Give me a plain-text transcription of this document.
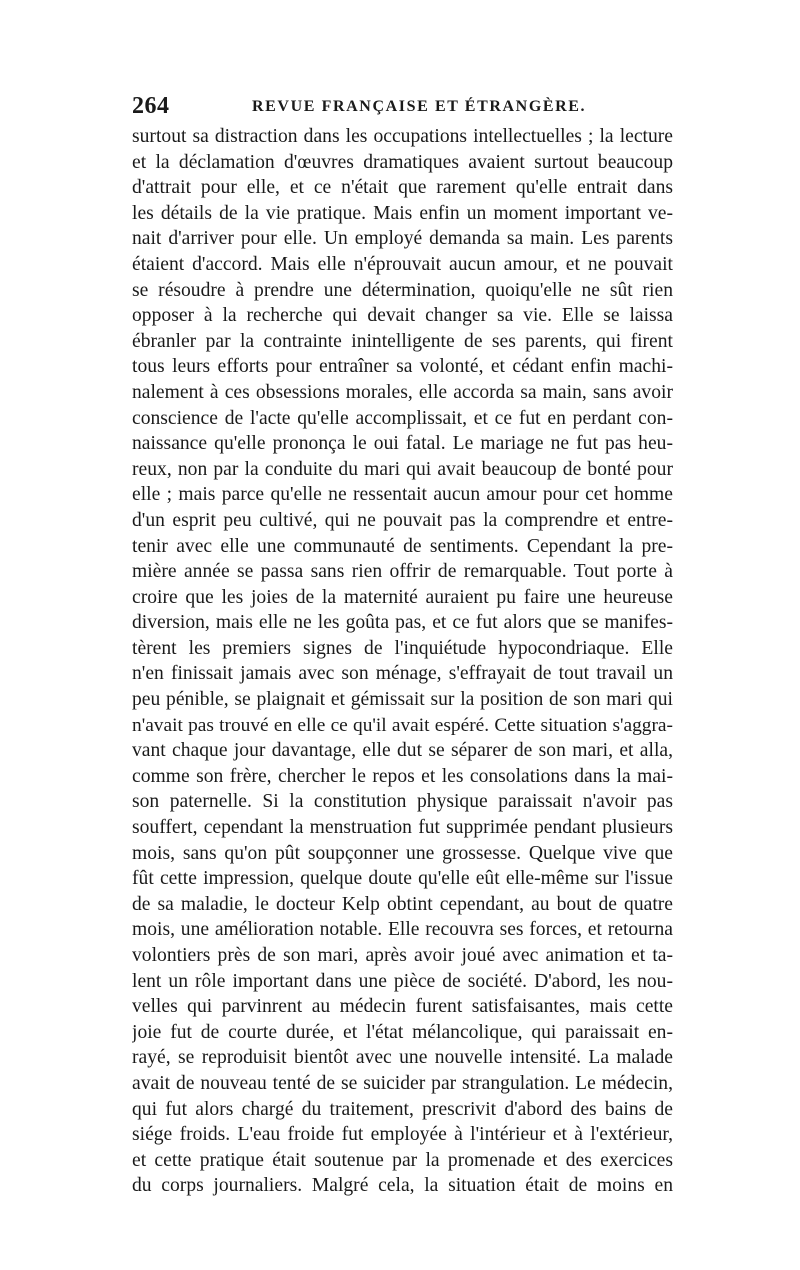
264	REVUE FRANÇAISE ET ÉTRANGÈRE.
surtout sa distraction dans les occupations intellectuelles ; la lecture
et la déclamation d'œuvres dramatiques avaient surtout beaucoup
d'attrait pour elle, et ce n'était que rarement qu'elle entrait dans
les détails de la vie pratique. Mais enfin un moment important ve-
nait d'arriver pour elle. Un employé demanda sa main. Les parents
étaient d'accord. Mais elle n'éprouvait aucun amour, et ne pouvait
se résoudre à prendre une détermination, quoiqu'elle ne sût rien
opposer à la recherche qui devait changer sa vie. Elle se laissa
ébranler par la contrainte inintelligente de ses parents, qui firent
tous leurs efforts pour entraîner sa volonté, et cédant enfin machi-
nalement à ces obsessions morales, elle accorda sa main, sans avoir
conscience de l'acte qu'elle accomplissait, et ce fut en perdant con-
naissance qu'elle prononça le oui fatal. Le mariage ne fut pas heu-
reux, non par la conduite du mari qui avait beaucoup de bonté pour
elle ; mais parce qu'elle ne ressentait aucun amour pour cet homme
d'un esprit peu cultivé, qui ne pouvait pas la comprendre et entre-
tenir avec elle une communauté de sentiments. Cependant la pre-
mière année se passa sans rien offrir de remarquable. Tout porte à
croire que les joies de la maternité auraient pu faire une heureuse
diversion, mais elle ne les goûta pas, et ce fut alors que se manifes-
tèrent les premiers signes de l'inquiétude hypocondriaque. Elle
n'en finissait jamais avec son ménage, s'effrayait de tout travail un
peu pénible, se plaignait et gémissait sur la position de son mari qui
n'avait pas trouvé en elle ce qu'il avait espéré. Cette situation s'aggra-
vant chaque jour davantage, elle dut se séparer de son mari, et alla,
comme son frère, chercher le repos et les consolations dans la mai-
son paternelle. Si la constitution physique paraissait n'avoir pas
souffert, cependant la menstruation fut supprimée pendant plusieurs
mois, sans qu'on pût soupçonner une grossesse. Quelque vive que
fût cette impression, quelque doute qu'elle eût elle-même sur l'issue
de sa maladie, le docteur Kelp obtint cependant, au bout de quatre
mois, une amélioration notable. Elle recouvra ses forces, et retourna
volontiers près de son mari, après avoir joué avec animation et ta-
lent un rôle important dans une pièce de société. D'abord, les nou-
velles qui parvinrent au médecin furent satisfaisantes, mais cette
joie fut de courte durée, et l'état mélancolique, qui paraissait en-
rayé, se reproduisit bientôt avec une nouvelle intensité. La malade
avait de nouveau tenté de se suicider par strangulation. Le médecin,
qui fut alors chargé du traitement, prescrivit d'abord des bains de
siége froids. L'eau froide fut employée à l'intérieur et à l'extérieur,
et cette pratique était soutenue par la promenade et des exercices
du corps journaliers. Malgré cela, la situation était de moins en
